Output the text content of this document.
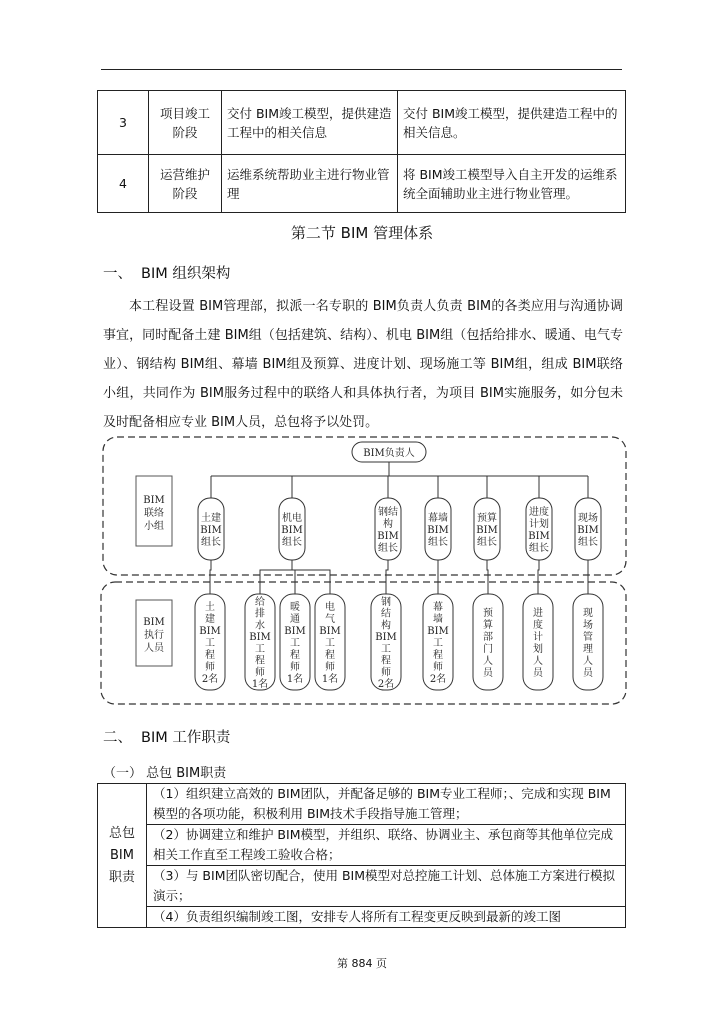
3	项目竣工阶段	交付 BIM竣工模型，提供建造工程中的相关信息	交付 BIM竣工模型，提供建造工程中的相关信息。
4	运营维护阶段	运维系统帮助业主进行物业管理	将 BIM竣工模型导入自主开发的运维系统全面辅助业主进行物业管理。
第二节 BIM 管理体系
一、 BIM 组织架构

本工程设置 BIM管理部，拟派一名专职的 BIM负责人负责 BIM的各类应用与沟通协调事宜，同时配备土建 BIM组（包括建筑、结构）、机电 BIM组（包括给排水、暖通、电气专业）、钢结构 BIM组、幕墙 BIM组及预算、进度计划、现场施工等 BIM组，组成 BIM联络小组，共同作为 BIM服务过程中的联络人和具体执行者，为项目 BIM实施服务，如分包未及时配备相应专业 BIM人员，总包将予以处罚。

BIM负责人
BIM
联络
小组
BIM
执行
人员
土建
BIM
组长
机电
BIM
组长
钢结
构
BIM
组长
幕墙
BIM
组长
预算
BIM
组长
进度
计划
BIM
组长
现场
BIM
组长
土
建
BIM
工
程
师
2名
给
排
水
BIM
工
程
师
1名
暖
通
BIM
工
程
师
1名
电
气
BIM
工
程
师
1名
钢
结
构
BIM
工
程
师
2名
幕
墙
BIM
工
程
师
2名
预
算
部
门
人
员
进
度
计
划
人
员
现
场
管
理
人
员
二、 BIM 工作职责
（一） 总包 BIM职责
总包
BIM
职责
	（1）组织建立高效的 BIM团队，并配备足够的 BIM专业工程师；、完成和实现 BIM模型的各项功能，积极利用 BIM技术手段指导施工管理；
（2）协调建立和维护 BIM模型，并组织、联络、协调业主、承包商等其他单位完成相关工作直至工程竣工验收合格；
（3）与 BIM团队密切配合，使用 BIM模型对总控施工计划、总体施工方案进行模拟演示；
（4）负责组织编制竣工图，安排专人将所有工程变更反映到最新的竣工图
第 884 页
